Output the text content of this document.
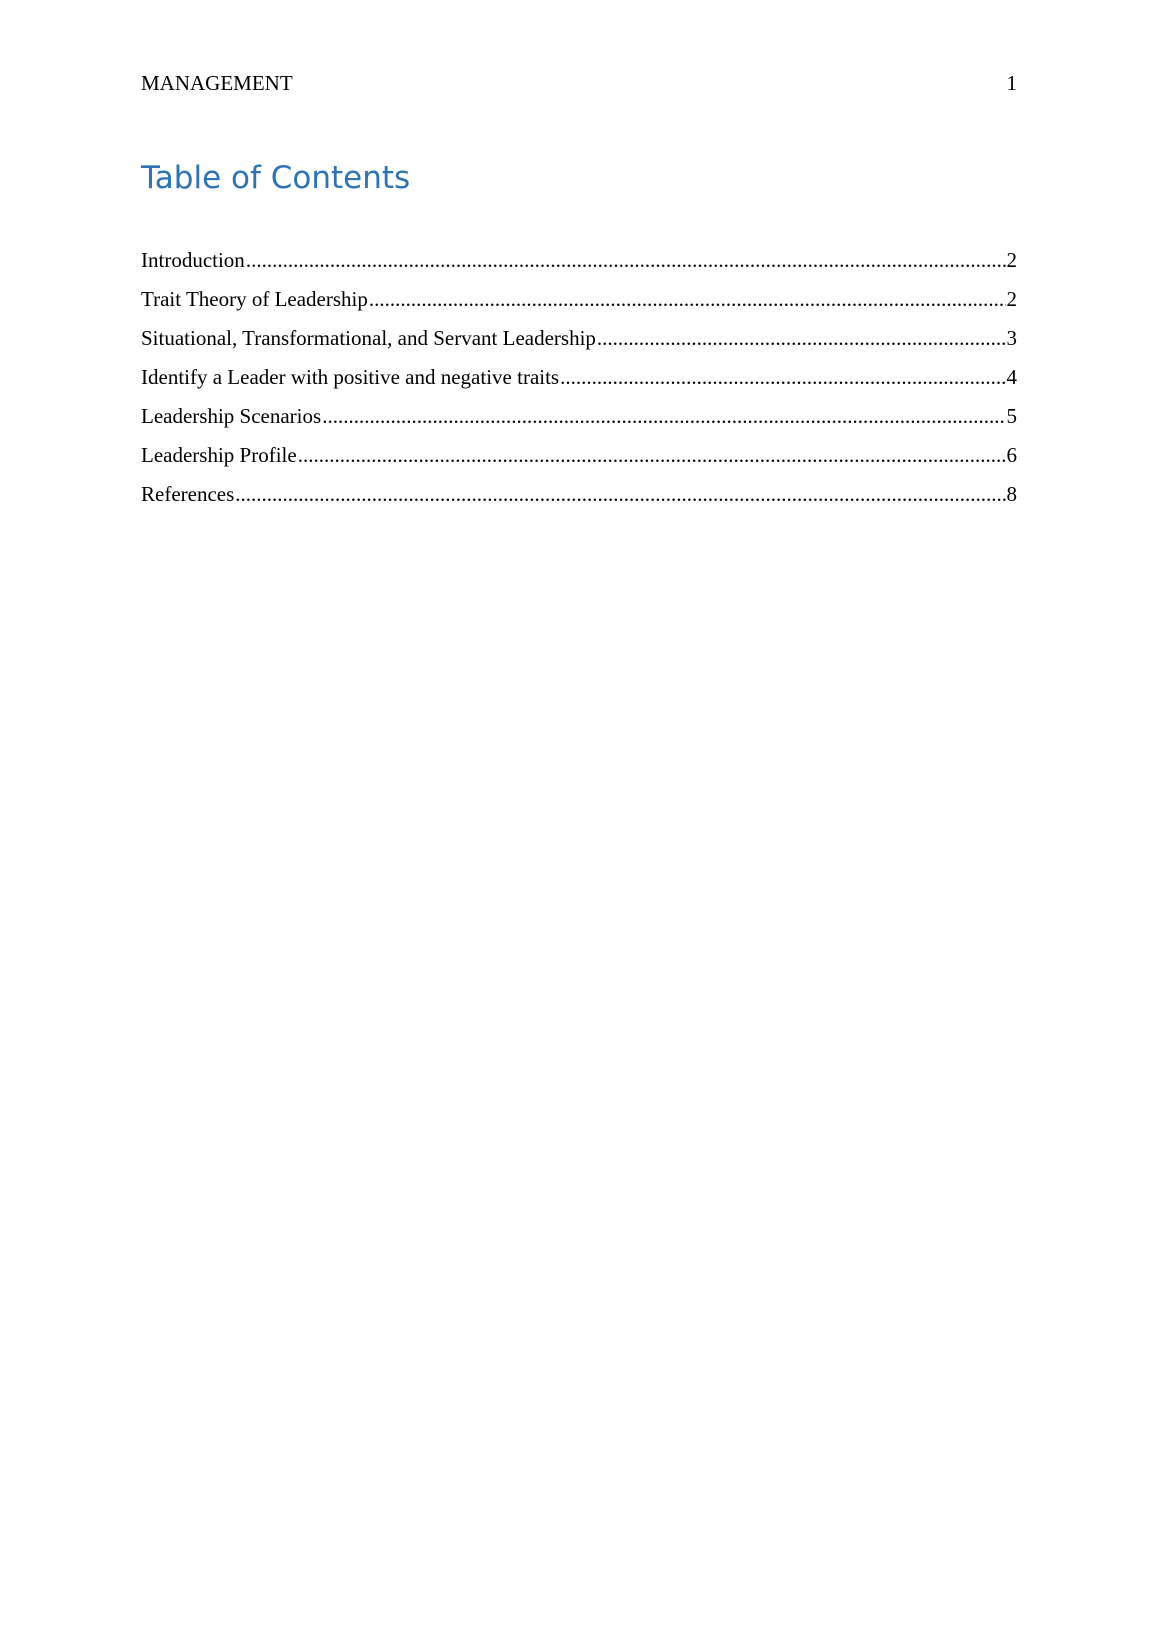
MANAGEMENT	1
Table of Contents
Introduction .....	2
Trait Theory of Leadership .....	2
Situational, Transformational, and Servant Leadership .....	3
Identify a Leader with positive and negative traits .....	4
Leadership Scenarios .....	5
Leadership Profile .....	6
References .....	8
